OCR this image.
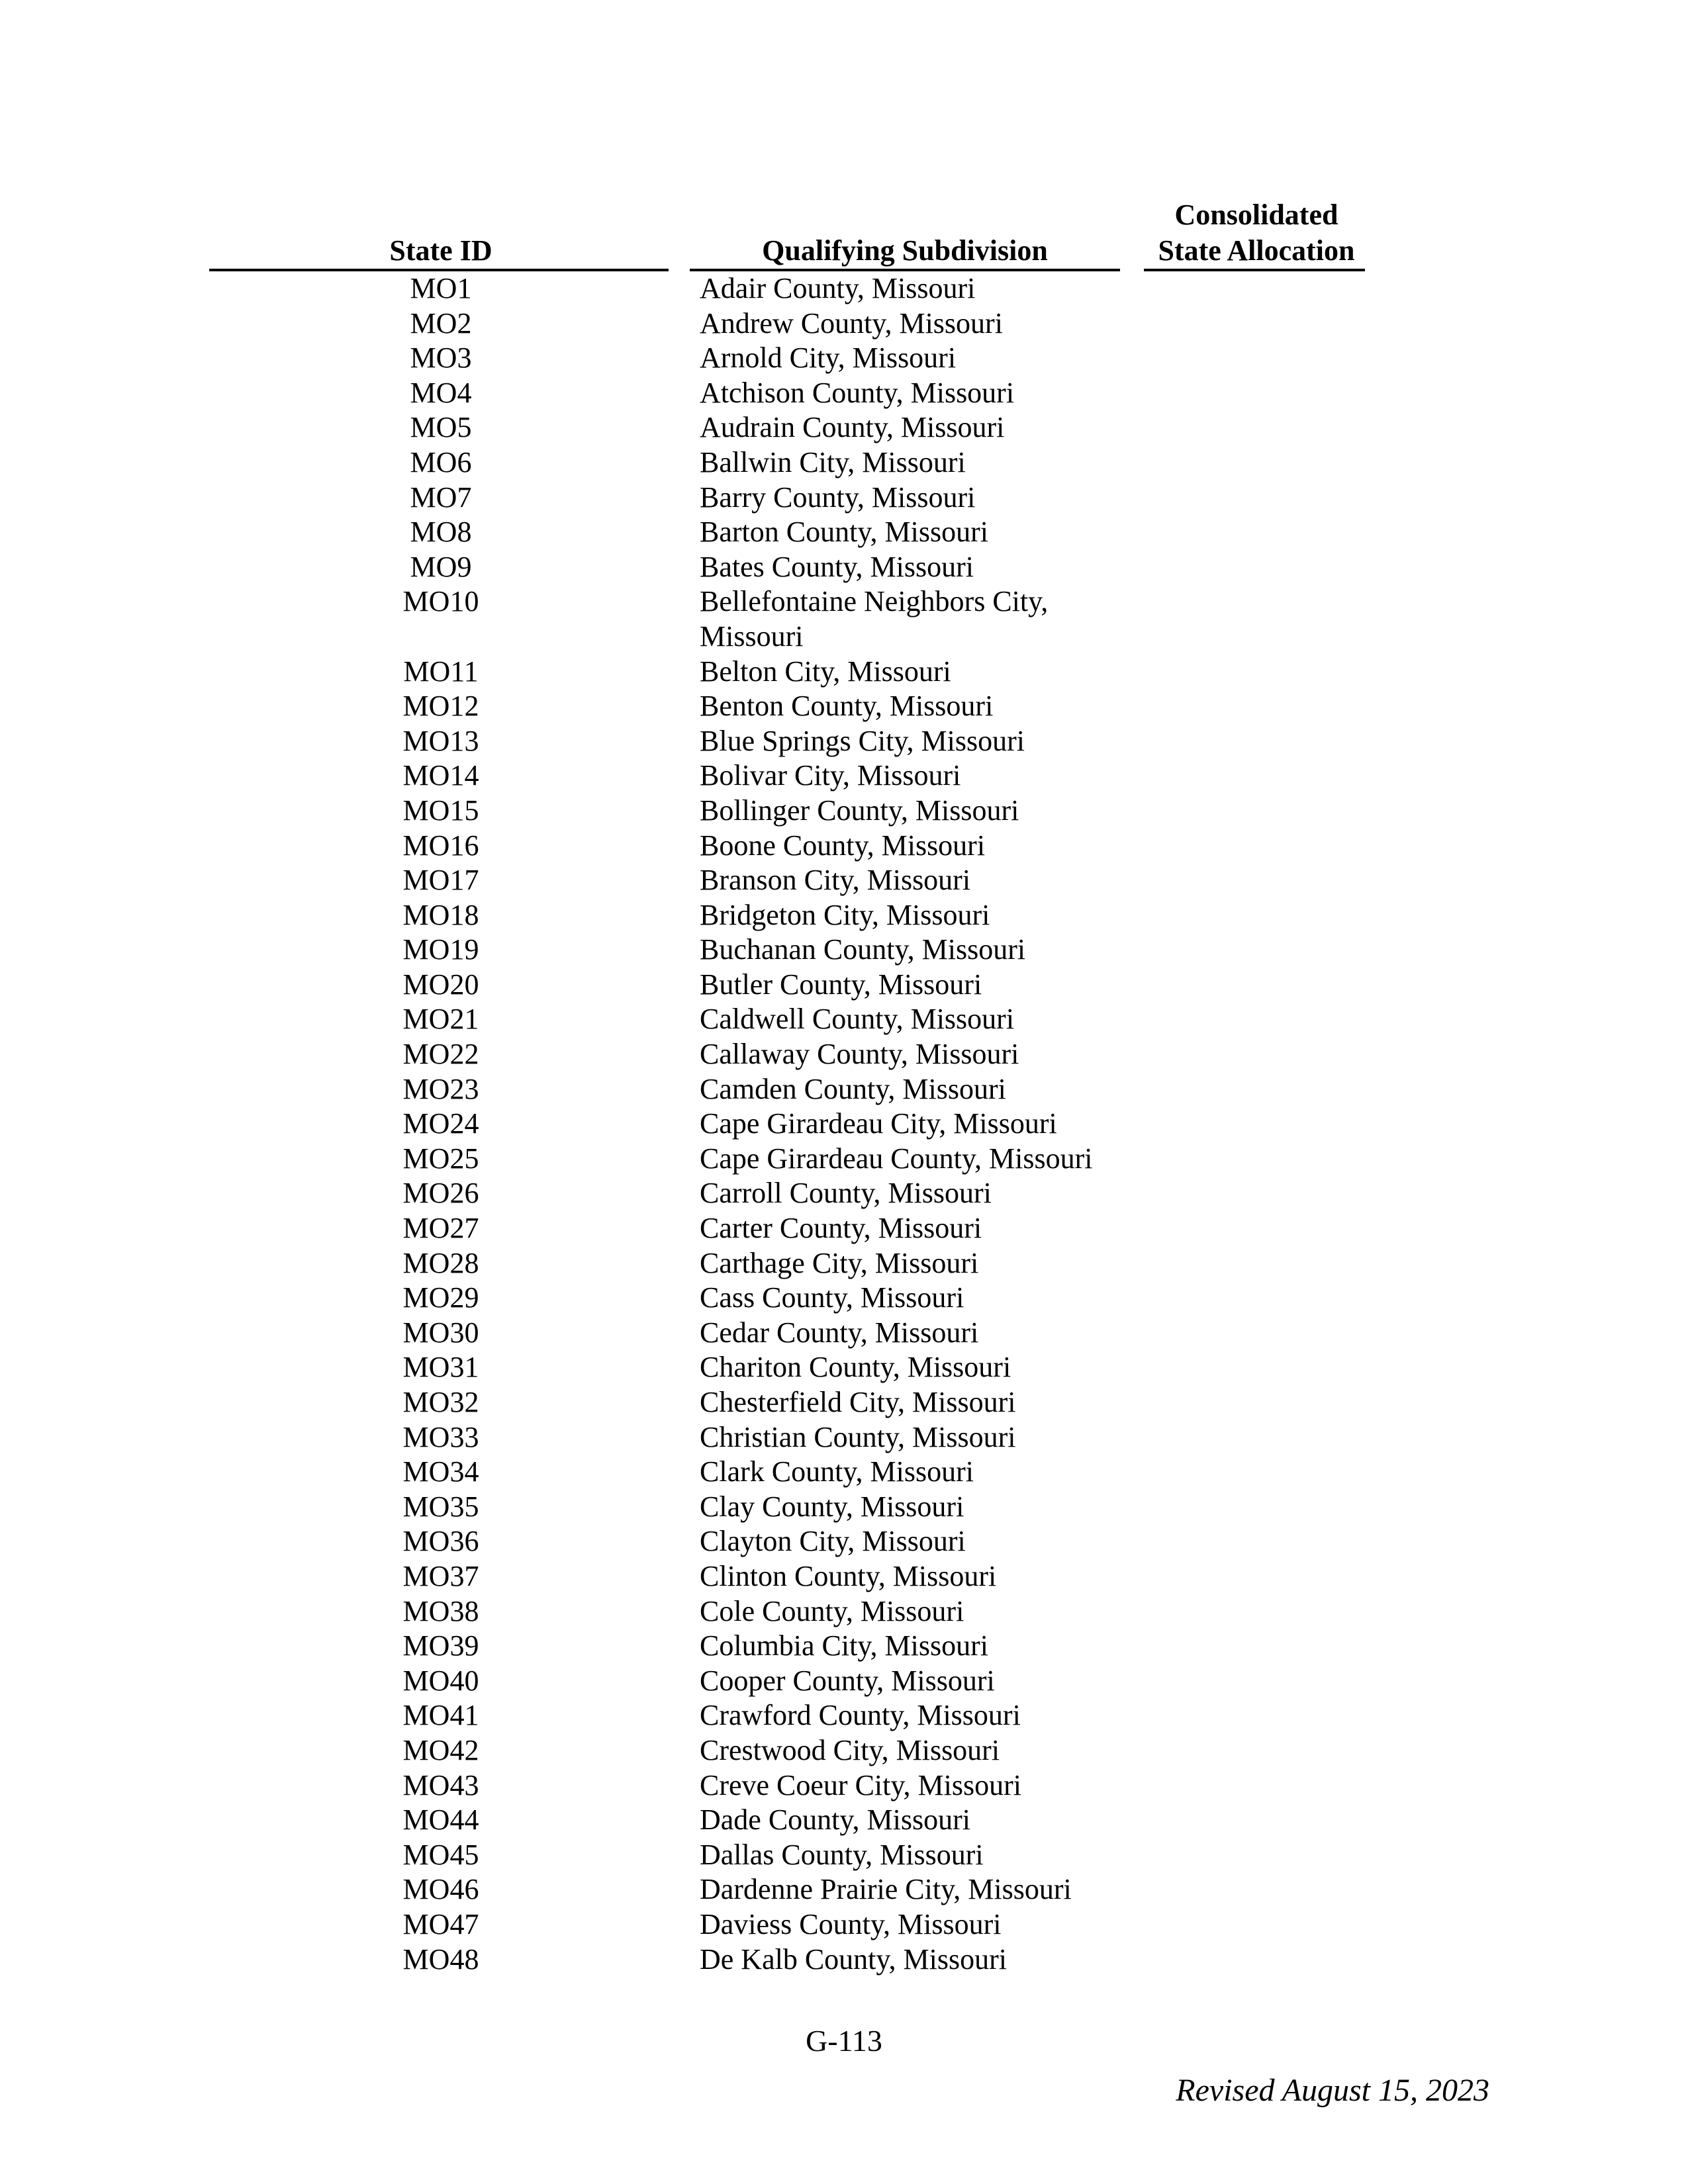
State ID	Qualifying Subdivision
Consolidated
State Allocation
MO1	Adair County, Missouri
MO2	Andrew County, Missouri
MO3	Arnold City, Missouri
MO4	Atchison County, Missouri
MO5	Audrain County, Missouri
MO6	Ballwin City, Missouri
MO7	Barry County, Missouri
MO8	Barton County, Missouri
MO9	Bates County, Missouri
MO10	Bellefontaine Neighbors City, Missouri
MO11	Belton City, Missouri
MO12	Benton County, Missouri
MO13	Blue Springs City, Missouri
MO14	Bolivar City, Missouri
MO15	Bollinger County, Missouri
MO16	Boone County, Missouri
MO17	Branson City, Missouri
MO18	Bridgeton City, Missouri
MO19	Buchanan County, Missouri
MO20	Butler County, Missouri
MO21	Caldwell County, Missouri
MO22	Callaway County, Missouri
MO23	Camden County, Missouri
MO24	Cape Girardeau City, Missouri
MO25	Cape Girardeau County, Missouri
MO26	Carroll County, Missouri
MO27	Carter County, Missouri
MO28	Carthage City, Missouri
MO29	Cass County, Missouri
MO30	Cedar County, Missouri
MO31	Chariton County, Missouri
MO32	Chesterfield City, Missouri
MO33	Christian County, Missouri
MO34	Clark County, Missouri
MO35	Clay County, Missouri
MO36	Clayton City, Missouri
MO37	Clinton County, Missouri
MO38	Cole County, Missouri
MO39	Columbia City, Missouri
MO40	Cooper County, Missouri
MO41	Crawford County, Missouri
MO42	Crestwood City, Missouri
MO43	Creve Coeur City, Missouri
MO44	Dade County, Missouri
MO45	Dallas County, Missouri
MO46	Dardenne Prairie City, Missouri
MO47	Daviess County, Missouri
MO48	De Kalb County, Missouri
G-113
Revised August 15, 2023
